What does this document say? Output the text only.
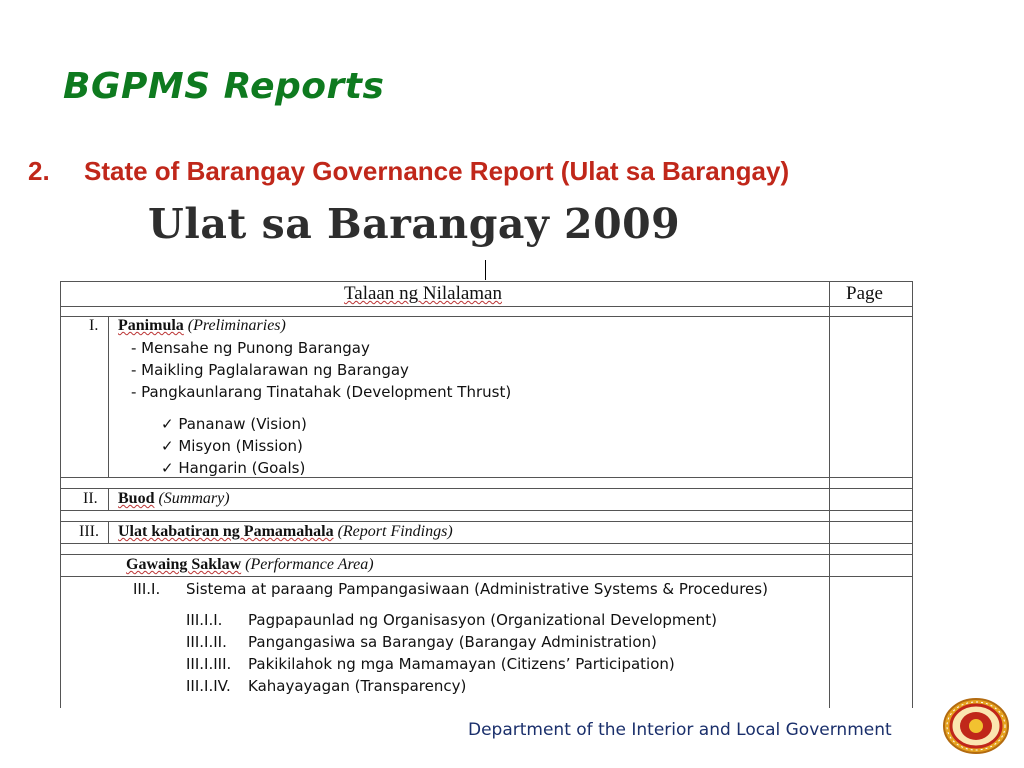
BGPMS Reports
2. State of Barangay Governance Report (Ulat sa Barangay)
Ulat sa Barangay 2009
Talaan ng Nilalaman	Page
I. Panimula (Preliminaries)
- Mensahe ng Punong Barangay
- Maikling Paglalarawan ng Barangay
- Pangkaunlarang Tinatahak (Development Thrust)
✓ Pananaw (Vision)
✓ Misyon (Mission)
✓ Hangarin (Goals)
II. Buod (Summary)
III. Ulat kabatiran ng Pamamahala (Report Findings)
Gawaing Saklaw (Performance Area)
III.I. Sistema at paraang Pampangasiwaan (Administrative Systems & Procedures)
III.I.I. Pagpapaunlad ng Organisasyon (Organizational Development)
III.I.II. Pangangasiwa sa Barangay (Barangay Administration)
III.I.III. Pakikilahok ng mga Mamamayan (Citizens’ Participation)
III.I.IV. Kahayayagan (Transparency)
Department of the Interior and Local Government
